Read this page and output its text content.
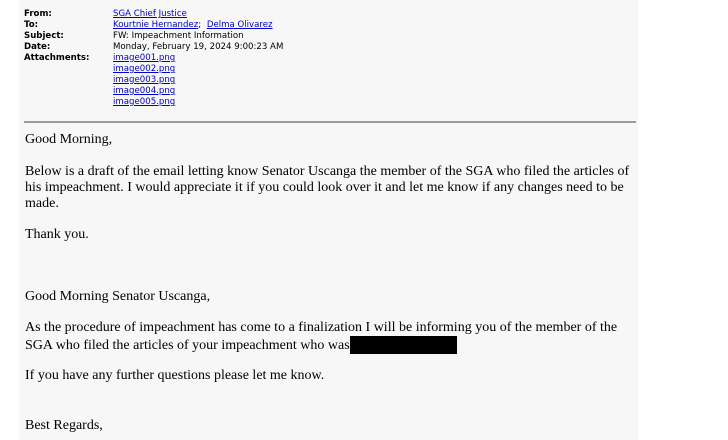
From:	SGA Chief Justice
To:	Kourtnie Hernandez; Delma Olivarez
Subject:	FW: Impeachment Information
Date:	Monday, February 19, 2024 9:00:23 AM
Attachments:	image001.png
image002.png
image003.png
image004.png
image005.png

Good Morning,

Below is a draft of the email letting know Senator Uscanga the member of the SGA who filed the articles of his impeachment. I would appreciate it if you could look over it and let me know if any changes need to be made.

Thank you.

Good Morning Senator Uscanga,

As the procedure of impeachment has come to a finalization I will be informing you of the member of the SGA who filed the articles of your impeachment who was

If you have any further questions please let me know.

Best Regards,
